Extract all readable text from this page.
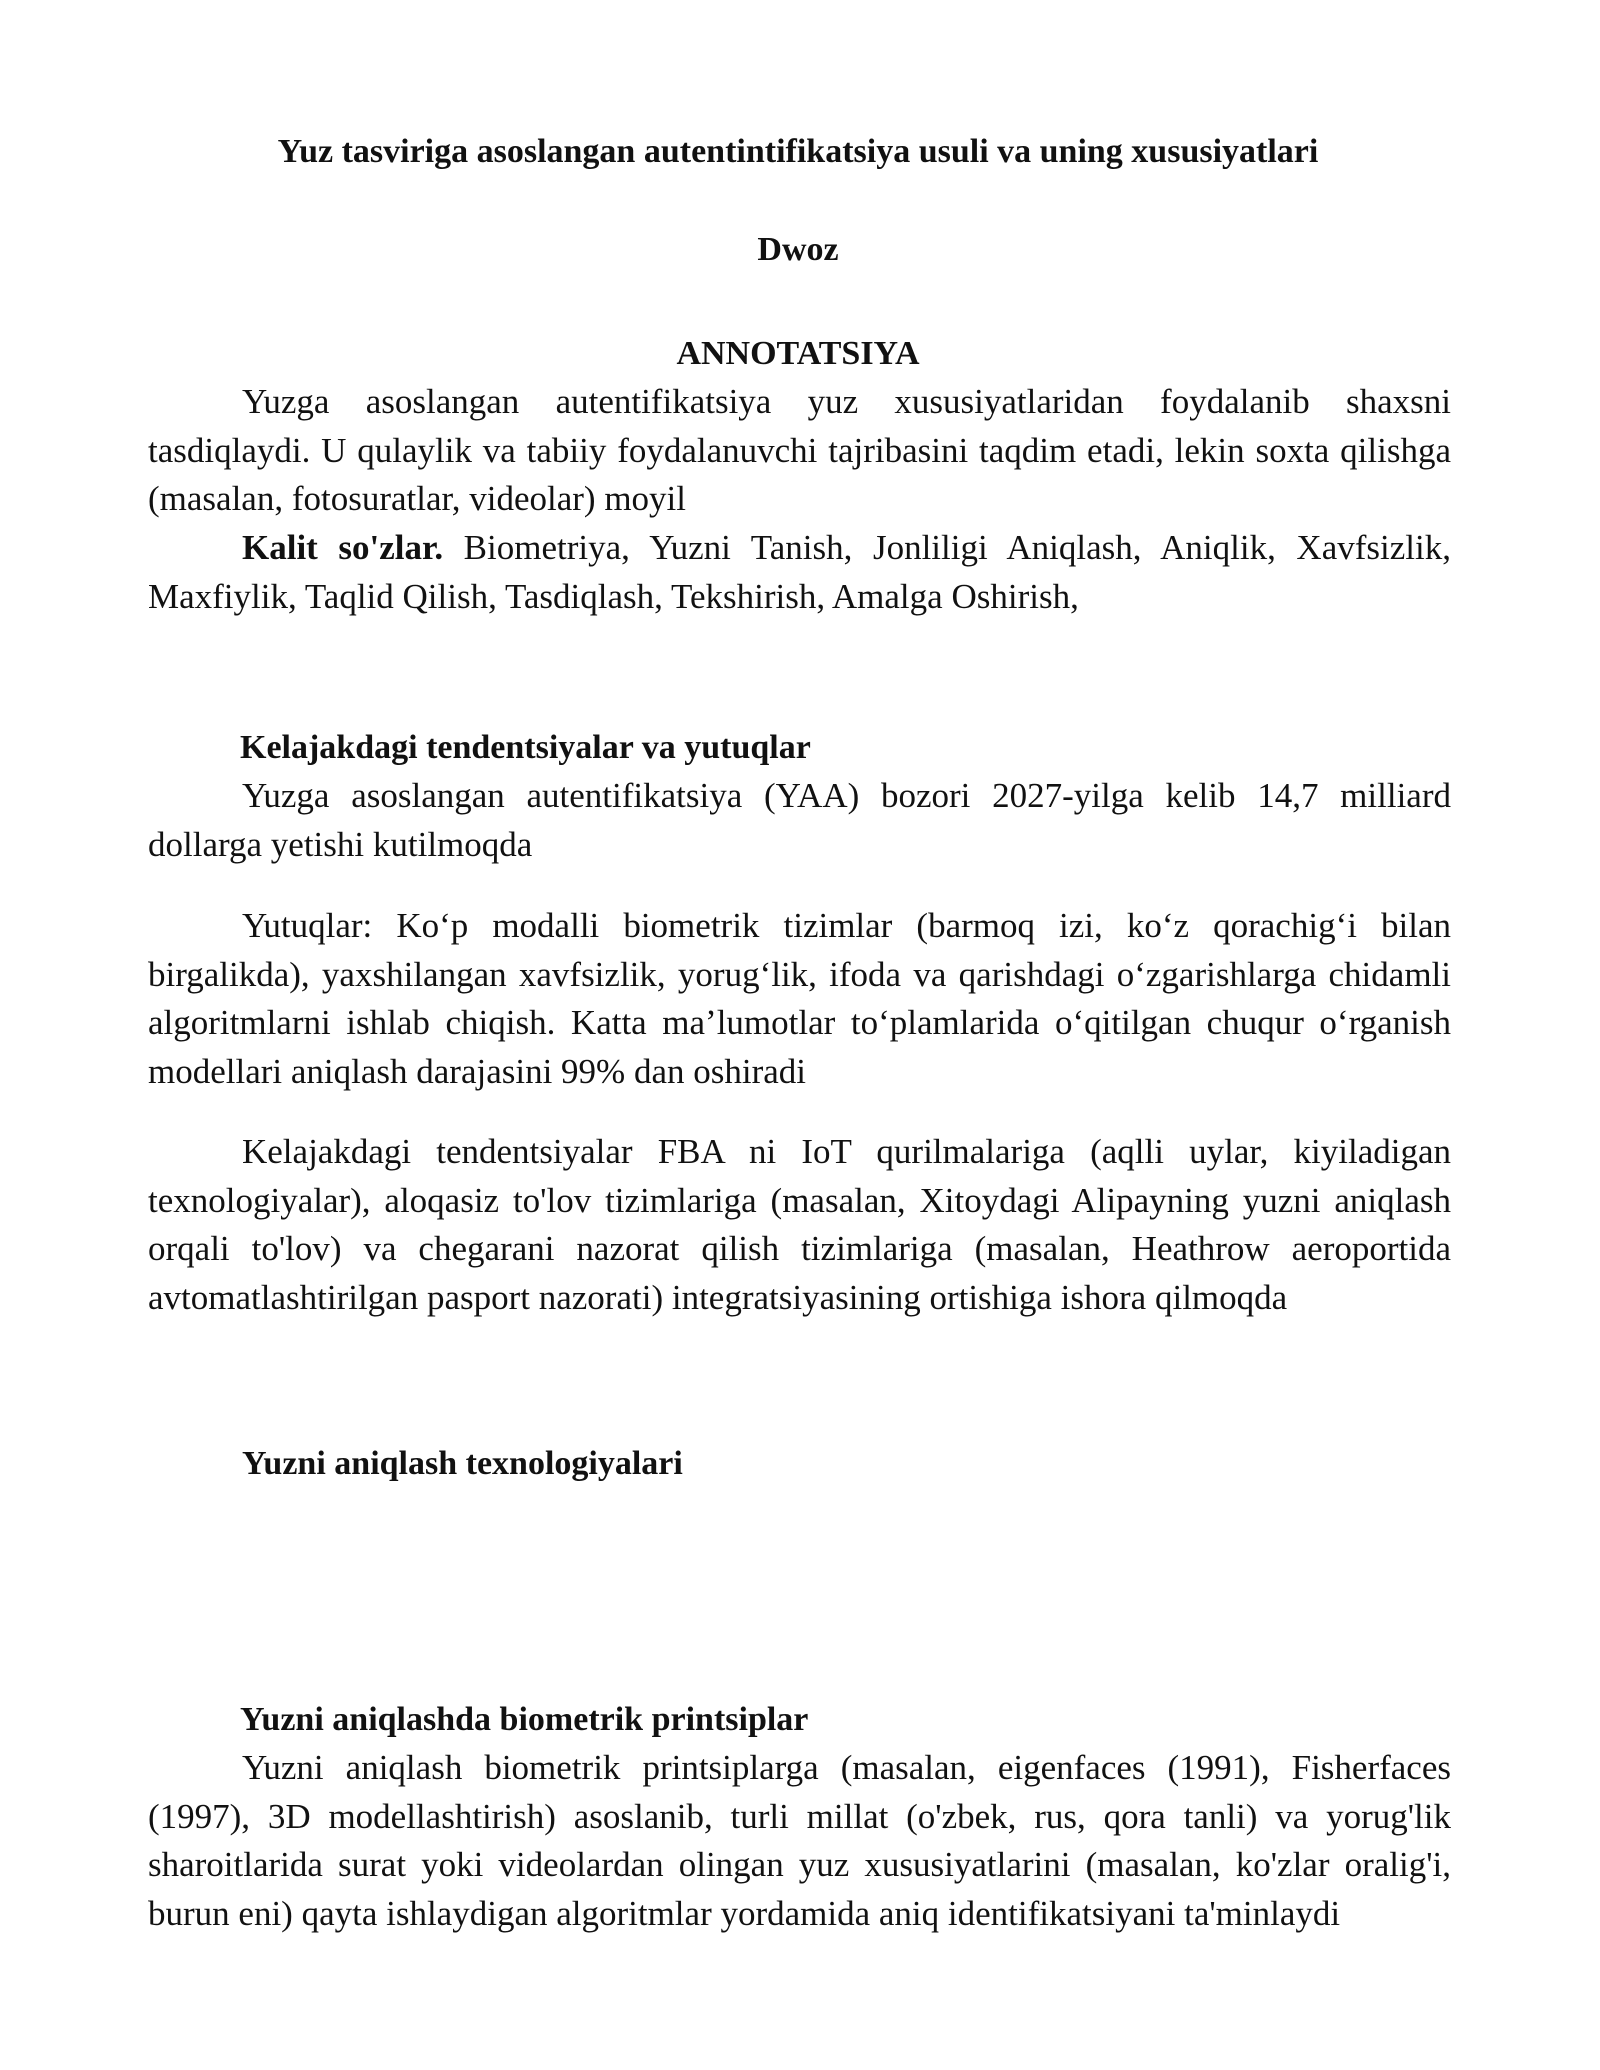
Yuz tasviriga asoslangan autentintifikatsiya usuli va uning xususiyatlari
Dwoz
ANNOTATSIYA

Yuzga asoslangan autentifikatsiya yuz xususiyatlaridan foydalanib shaxsni tasdiqlaydi. U qulaylik va tabiiy foydalanuvchi tajribasini taqdim etadi, lekin soxta qilishga (masalan, fotosuratlar, videolar) moyil

Kalit so'zlar. Biometriya, Yuzni Tanish, Jonliligi Aniqlash, Aniqlik, Xavfsizlik, Maxfiylik, Taqlid Qilish, Tasdiqlash, Tekshirish, Amalga Oshirish,

Kelajakdagi tendentsiyalar va yutuqlar

Yuzga asoslangan autentifikatsiya (YAA) bozori 2027-yilga kelib 14,7 milliard dollarga yetishi kutilmoqda

Yutuqlar: Koʻp modalli biometrik tizimlar (barmoq izi, koʻz qorachigʻi bilan birgalikda), yaxshilangan xavfsizlik, yorugʻlik, ifoda va qarishdagi oʻzgarishlarga chidamli algoritmlarni ishlab chiqish. Katta maʼlumotlar toʻplamlarida oʻqitilgan chuqur oʻrganish modellari aniqlash darajasini 99% dan oshiradi

Kelajakdagi tendentsiyalar FBA ni IoT qurilmalariga (aqlli uylar, kiyiladigan texnologiyalar), aloqasiz to'lov tizimlariga (masalan, Xitoydagi Alipayning yuzni aniqlash orqali to'lov) va chegarani nazorat qilish tizimlariga (masalan, Heathrow aeroportida avtomatlashtirilgan pasport nazorati) integratsiyasining ortishiga ishora qilmoqda

Yuzni aniqlash texnologiyalari
Yuzni aniqlashda biometrik printsiplar

Yuzni aniqlash biometrik printsiplarga (masalan, eigenfaces (1991), Fisherfaces (1997), 3D modellashtirish) asoslanib, turli millat (o'zbek, rus, qora tanli) va yorug'lik sharoitlarida surat yoki videolardan olingan yuz xususiyatlarini (masalan, ko'zlar oralig'i, burun eni) qayta ishlaydigan algoritmlar yordamida aniq identifikatsiyani ta'minlaydi
